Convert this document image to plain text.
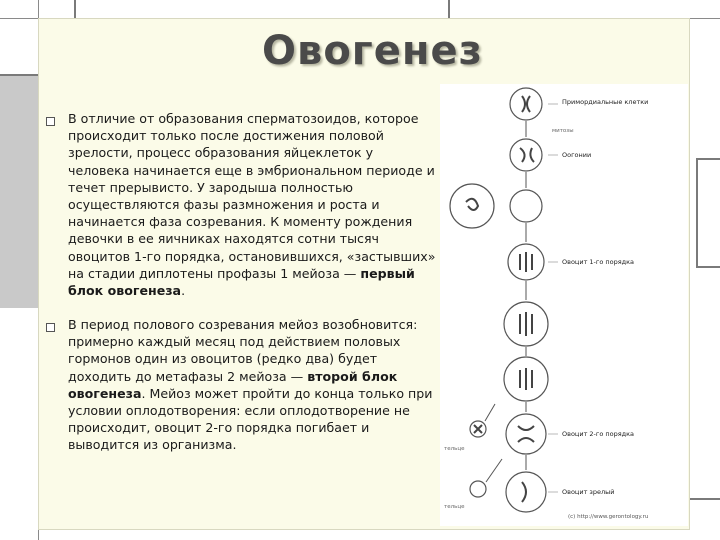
Овогенез
В отличие от образования сперматозоидов, которое происходит только после достижения половой зрелости, процесс образования яйцеклеток у человека начинается еще в эмбриональном периоде и течет прерывисто. У зародыша полностью осуществляются фазы размножения и роста и начинается фаза созревания. К моменту рождения девочки в ее яичниках находятся сотни тысяч овоцитов 1-го порядка, остановившихся, «застывших» на стадии диплотены профазы 1 мейоза — первый блок овогенеза.
В период полового созревания мейоз возобновится: примерно каждый месяц под действием половых гормонов один из овоцитов (редко два) будет доходить до метафазы 2 мейоза — второй блок овогенеза. Мейоз может пройти до конца только при условии оплодотворения: если оплодотворение не происходит, овоцит 2-го порядка погибает и выводится из организма.
Примордиальные клетки
Оогонии
Овоцит 1-го порядка
Овоцит 2-го порядка
Овоцит зрелый
митозы
тельце
тельце
(c) http://www.gerontology.ru
